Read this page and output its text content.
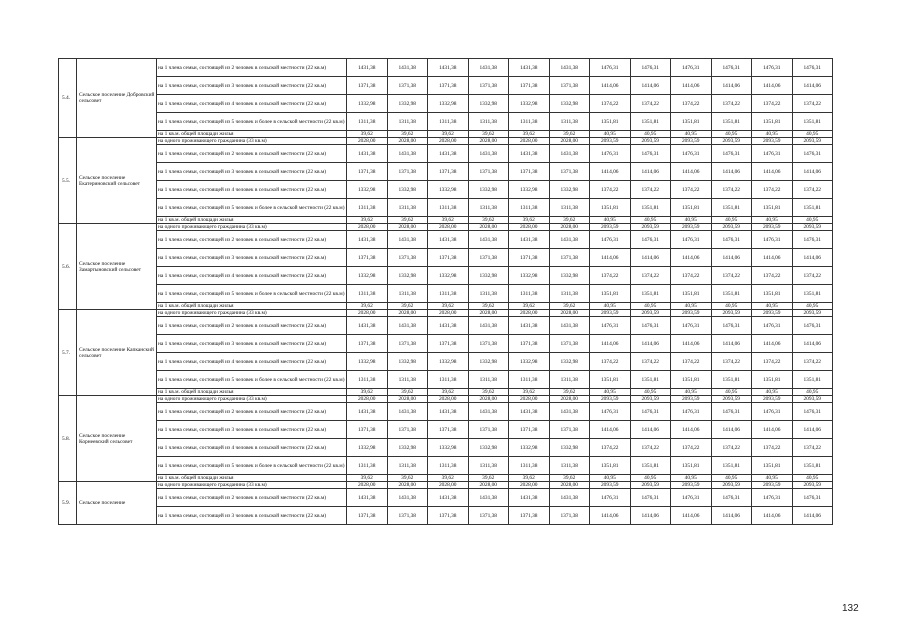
5.4.	Сельское поселение Добровский сельсовет	на 1 члена семьи, состоящей из 2 человек в сельской местности (22 кв.м)	1431,38	1431,38	1431,38	1431,38	1431,38	1431,38	1476,31	1476,31	1476,31	1476,31	1476,31	1476,31
		на 1 члена семьи, состоящей из 3 человек в сельской местности (22 кв.м)	1371,38	1371,38	1371,38	1371,38	1371,38	1371,38	1414,06	1414,06	1414,06	1414,06	1414,06	1414,06
		на 1 члена семьи, состоящей из 4 человек в сельской местности (22 кв.м)	1332,98	1332,98	1332,98	1332,98	1332,98	1332,98	1374,22	1374,22	1374,22	1374,22	1374,22	1374,22
		на 1 члена семьи, состоящей из 5 человек и более в сельской местности (22 кв.м)	1311,38	1311,38	1311,38	1311,38	1311,38	1311,38	1351,81	1351,81	1351,81	1351,81	1351,81	1351,81
		на 1 кв.м. общей площади жилья	39,62	39,62	39,62	39,62	39,62	39,62	40,95	40,95	40,95	40,95	40,95	40,95
5.5.	Сельское поселение Екатериновский сельсовет	на одного проживающего гражданина (33 кв.м)	2028,00	2028,00	2028,00	2028,00	2028,00	2028,00	2093,59	2093,59	2093,59	2093,59	2093,59	2093,59
		на 1 члена семьи, состоящей из 2 человек в сельской местности (22 кв.м)	1431,38	1431,38	1431,38	1431,38	1431,38	1431,38	1476,31	1476,31	1476,31	1476,31	1476,31	1476,31
		на 1 члена семьи, состоящей из 3 человек в сельской местности (22 кв.м)	1371,38	1371,38	1371,38	1371,38	1371,38	1371,38	1414,06	1414,06	1414,06	1414,06	1414,06	1414,06
		на 1 члена семьи, состоящей из 4 человек в сельской местности (22 кв.м)	1332,98	1332,98	1332,98	1332,98	1332,98	1332,98	1374,22	1374,22	1374,22	1374,22	1374,22	1374,22
		на 1 члена семьи, состоящей из 5 человек и более в сельской местности (22 кв.м)	1311,38	1311,38	1311,38	1311,38	1311,38	1311,38	1351,81	1351,81	1351,81	1351,81	1351,81	1351,81
		на 1 кв.м. общей площади жилья	39,62	39,62	39,62	39,62	39,62	39,62	40,95	40,95	40,95	40,95	40,95	40,95
5.6.	Сельское поселение Замартыновский сельсовет	на одного проживающего гражданина (33 кв.м)	2028,00	2028,00	2028,00	2028,00	2028,00	2028,00	2093,59	2093,59	2093,59	2093,59	2093,59	2093,59
		на 1 члена семьи, состоящей из 2 человек в сельской местности (22 кв.м)	1431,38	1431,38	1431,38	1431,38	1431,38	1431,38	1476,31	1476,31	1476,31	1476,31	1476,31	1476,31
		на 1 члена семьи, состоящей из 3 человек в сельской местности (22 кв.м)	1371,38	1371,38	1371,38	1371,38	1371,38	1371,38	1414,06	1414,06	1414,06	1414,06	1414,06	1414,06
		на 1 члена семьи, состоящей из 4 человек в сельской местности (22 кв.м)	1332,98	1332,98	1332,98	1332,98	1332,98	1332,98	1374,22	1374,22	1374,22	1374,22	1374,22	1374,22
		на 1 члена семьи, состоящей из 5 человек и более в сельской местности (22 кв.м)	1311,38	1311,38	1311,38	1311,38	1311,38	1311,38	1351,81	1351,81	1351,81	1351,81	1351,81	1351,81
		на 1 кв.м. общей площади жилья	39,62	39,62	39,62	39,62	39,62	39,62	40,95	40,95	40,95	40,95	40,95	40,95
5.7.	Сельское поселение Капканский сельсовет	на одного проживающего гражданина (33 кв.м)	2028,00	2028,00	2028,00	2028,00	2028,00	2028,00	2093,59	2093,59	2093,59	2093,59	2093,59	2093,59
		на 1 члена семьи, состоящей из 2 человек в сельской местности (22 кв.м)	1431,38	1431,38	1431,38	1431,38	1431,38	1431,38	1476,31	1476,31	1476,31	1476,31	1476,31	1476,31
		на 1 члена семьи, состоящей из 3 человек в сельской местности (22 кв.м)	1371,38	1371,38	1371,38	1371,38	1371,38	1371,38	1414,06	1414,06	1414,06	1414,06	1414,06	1414,06
		на 1 члена семьи, состоящей из 4 человек в сельской местности (22 кв.м)	1332,98	1332,98	1332,98	1332,98	1332,98	1332,98	1374,22	1374,22	1374,22	1374,22	1374,22	1374,22
		на 1 члена семьи, состоящей из 5 человек и более в сельской местности (22 кв.м)	1311,38	1311,38	1311,38	1311,38	1311,38	1311,38	1351,81	1351,81	1351,81	1351,81	1351,81	1351,81
		на 1 кв.м. общей площади жилья	39,62	39,62	39,62	39,62	39,62	39,62	40,95	40,95	40,95	40,95	40,95	40,95
5.8.	Сельское поселение Корнеевский сельсовет	на одного проживающего гражданина (33 кв.м)	2028,00	2028,00	2028,00	2028,00	2028,00	2028,00	2093,59	2093,59	2093,59	2093,59	2093,59	2093,59
		на 1 члена семьи, состоящей из 2 человек в сельской местности (22 кв.м)	1431,38	1431,38	1431,38	1431,38	1431,38	1431,38	1476,31	1476,31	1476,31	1476,31	1476,31	1476,31
		на 1 члена семьи, состоящей из 3 человек в сельской местности (22 кв.м)	1371,38	1371,38	1371,38	1371,38	1371,38	1371,38	1414,06	1414,06	1414,06	1414,06	1414,06	1414,06
		на 1 члена семьи, состоящей из 4 человек в сельской местности (22 кв.м)	1332,98	1332,98	1332,98	1332,98	1332,98	1332,98	1374,22	1374,22	1374,22	1374,22	1374,22	1374,22
		на 1 члена семьи, состоящей из 5 человек и более в сельской местности (22 кв.м)	1311,38	1311,38	1311,38	1311,38	1311,38	1311,38	1351,81	1351,81	1351,81	1351,81	1351,81	1351,81
		на 1 кв.м. общей площади жилья	39,62	39,62	39,62	39,62	39,62	39,62	40,95	40,95	40,95	40,95	40,95	40,95
5.9.	Сельское поселение	на одного проживающего гражданина (33 кв.м)	2028,00	2028,00	2028,00	2028,00	2028,00	2028,00	2093,59	2093,59	2093,59	2093,59	2093,59	2093,59
		на 1 члена семьи, состоящей из 2 человек в сельской местности (22 кв.м)	1431,38	1431,38	1431,38	1431,38	1431,38	1431,38	1476,31	1476,31	1476,31	1476,31	1476,31	1476,31
		на 1 члена семьи, состоящей из 3 человек в сельской местности (22 кв.м)	1371,38	1371,38	1371,38	1371,38	1371,38	1371,38	1414,06	1414,06	1414,06	1414,06	1414,06	1414,06
132
